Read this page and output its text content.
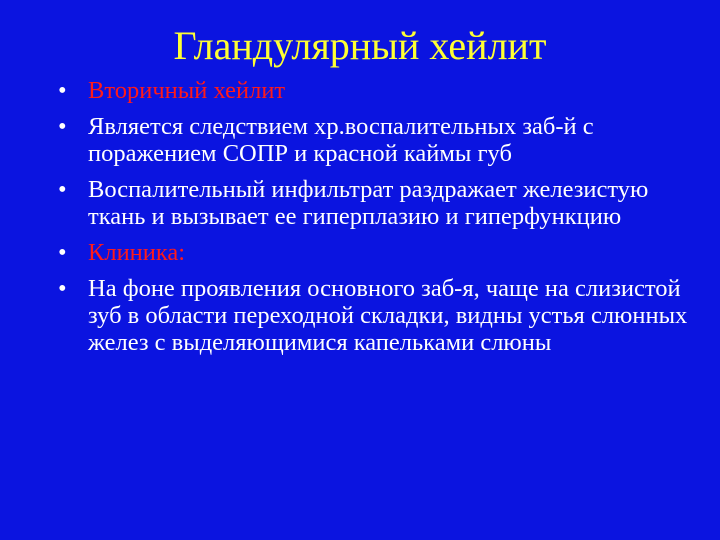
Гландулярный хейлит
• Вторичный хейлит
• Является следствием хр.воспалительных заб-й с поражением СОПР и красной каймы губ
• Воспалительный инфильтрат раздражает железистую ткань и вызывает ее гиперплазию и гиперфункцию
• Клиника:
• На фоне проявления основного заб-я, чаще на слизистой зуб в области переходной складки, видны устья слюнных желез с выделяющимися капельками слюны
